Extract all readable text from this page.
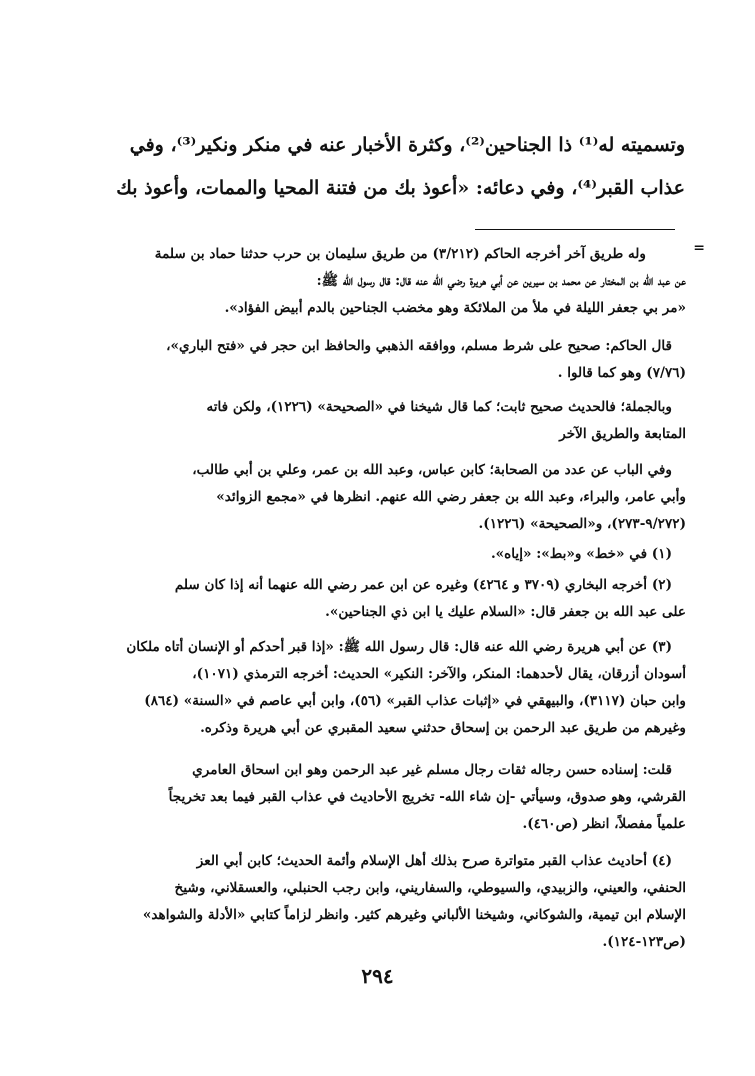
وتسميته له⁽¹⁾ ذا الجناحين⁽²⁾، وكثرة الأخبار عنه في منكر ونكير⁽³⁾، وفي
عذاب القبر⁽⁴⁾، وفي دعائه: «أعوذ بك من فتنة المحيا والممات، وأعوذ بك
=
وله طريق آخر أخرجه الحاكم (٣/٢١٢) من طريق سليمان بن حرب حدثنا حماد بن سلمة
عن عبد الله بن المختار عن محمد بن سيرين عن أبي هريرة رضي الله عنه قال: قال رسول الله ﷺ:
«مر بي جعفر الليلة في ملأ من الملائكة وهو مخضب الجناحين بالدم أبيض الفؤاد».
قال الحاكم: صحيح على شرط مسلم، ووافقه الذهبي والحافظ ابن حجر في «فتح الباري»،
(٧/٧٦) وهو كما قالوا .
وبالجملة؛ فالحديث صحيح ثابت؛ كما قال شيخنا في «الصحيحة» (١٢٢٦)، ولكن فاته
المتابعة والطريق الآخر
وفي الباب عن عدد من الصحابة؛ كابن عباس، وعبد الله بن عمر، وعلي بن أبي طالب،
وأبي عامر، والبراء، وعبد الله بن جعفر رضي الله عنهم. انظرها في «مجمع الزوائد»
(٩/٢٧٢-٢٧٣)، و«الصحيحة» (١٢٢٦).
(١) في «خط» و«بط»: «إياه».
(٢) أخرجه البخاري (٣٧٠٩ و ٤٢٦٤) وغيره عن ابن عمر رضي الله عنهما أنه إذا كان سلم
على عبد الله بن جعفر قال: «السلام عليك يا ابن ذي الجناحين».
(٣) عن أبي هريرة رضي الله عنه قال: قال رسول الله ﷺ: «إذا قبر أحدكم أو الإنسان أتاه ملكان
أسودان أزرقان، يقال لأحدهما: المنكر، والآخر: النكير» الحديث: أخرجه الترمذي (١٠٧١)،
وابن حبان (٣١١٧)، والبيهقي في «إثبات عذاب القبر» (٥٦)، وابن أبي عاصم في «السنة» (٨٦٤)
وغيرهم من طريق عبد الرحمن بن إسحاق حدثني سعيد المقبري عن أبي هريرة وذكره.
قلت: إسناده حسن رجاله ثقات رجال مسلم غير عبد الرحمن وهو ابن اسحاق العامري
القرشي، وهو صدوق، وسيأتي -إن شاء الله- تخريج الأحاديث في عذاب القبر فيما بعد تخريجاً
علمياً مفصلاً، انظر (ص٤٦٠).
(٤) أحاديث عذاب القبر متواترة صرح بذلك أهل الإسلام وأئمة الحديث؛ كابن أبي العز
الحنفي، والعيني، والزبيدي، والسيوطي، والسفاريني، وابن رجب الحنبلي، والعسقلاني، وشيخ
الإسلام ابن تيمية، والشوكاني، وشيخنا الألباني وغيرهم كثير. وانظر لزاماً كتابي «الأدلة والشواهد»
(ص١٢٣-١٢٤).
٢٩٤
